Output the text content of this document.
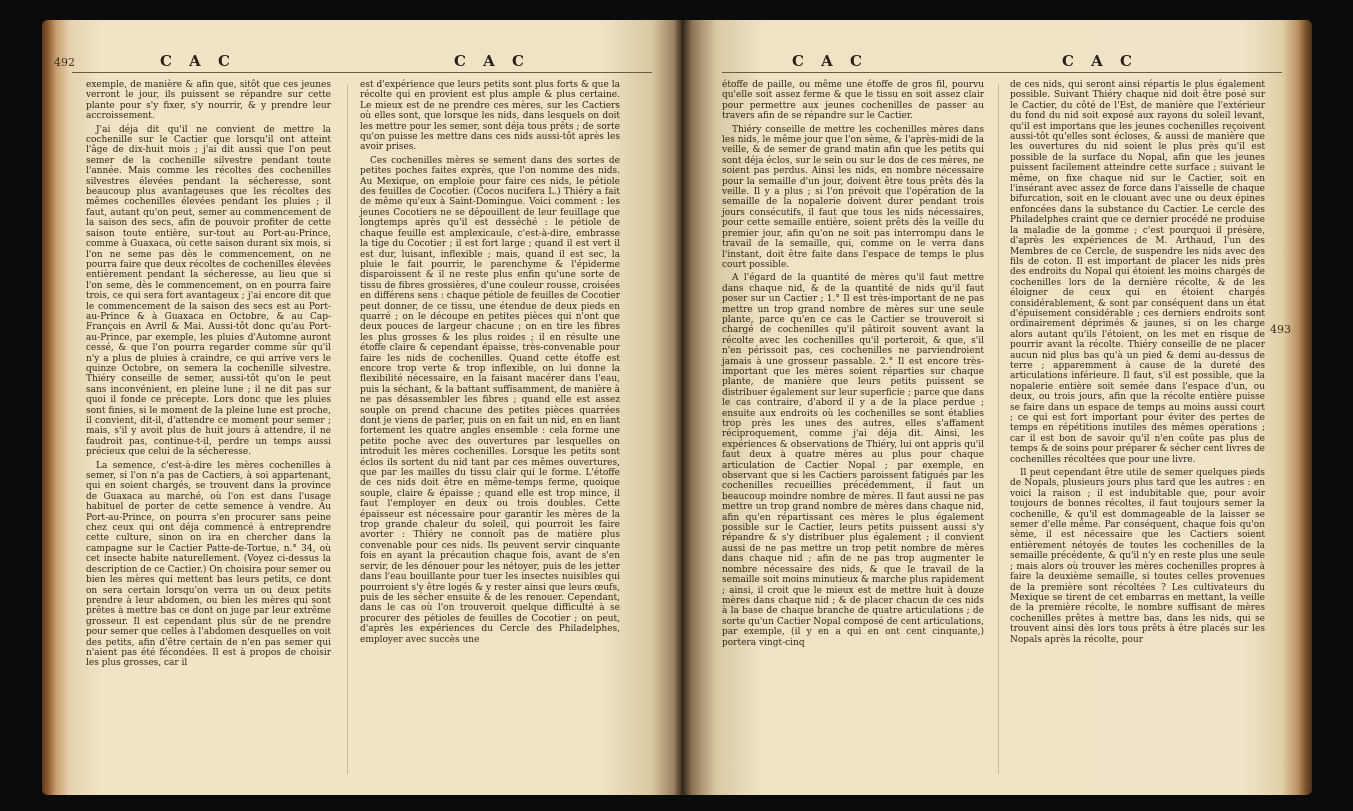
492	C A C	C A C

exemple, de manière & afin que, sitôt que ces jeunes verront le jour, ils puissent se répandre sur cette plante pour s'y fixer, s'y nourrir, & y prendre leur accroissement.

J'ai déja dit qu'il ne convient de mettre la cochenille sur le Cactier que lorsqu'il ont atteint l'âge de dix-huit mois ; j'ai dit aussi que l'on peut semer de la cochenille silvestre pendant toute l'année. Mais comme les récoltes des cochenilles silvestres élevées pendant la sécheresse, sont beaucoup plus avantageuses que les récoltes des mêmes cochenilles élevées pendant les pluies ; il faut, autant qu'on peut, semer au commencement de la saison des secs, afin de pouvoir profiter de cette saison toute entière, sur-tout au Port-au-Prince, comme à Guaxaca, où cette saison durant six mois, si l'on ne seme pas dès le commencement, on ne pourra faire que deux récoltes de cochenilles élevées entièrement pendant la sécheresse, au lieu que si l'on seme, dès le commencement, on en pourra faire trois, ce qui sera fort avantageux ; j'ai encore dit que le commencement de la saison des secs est au Port-au-Prince & à Guaxaca en Octobre, & au Cap-François en Avril & Mai. Aussi-tôt donc qu'au Port-au-Prince, par exemple, les pluies d'Automne auront cessé, & que l'on pourra regarder comme sûr qu'il n'y a plus de pluies à craindre, ce qui arrive vers le quinze Octobre, on semera la cochenille silvestre. Thiéry conseille de semer, aussi-tôt qu'on le peut sans inconvénient, en pleine lune ; il ne dit pas sur quoi il fonde ce précepte. Lors donc que les pluies sont finies, si le moment de la pleine lune est proche, il convient, dit-il, d'attendre ce moment pour semer ; mais, s'il y avoit plus de huit jours à attendre, il ne faudroit pas, continue-t-il, perdre un temps aussi précieux que celui de la sécheresse.

La semence, c'est-à-dire les mères cochenilles à semer, si l'on n'a pas de Cactiers, à soi appartenant, qui en soient chargés, se trouvent dans la province de Guaxaca au marché, où l'on est dans l'usage habituel de porter de cette semence à vendre. Au Port-au-Prince, on pourra s'en procurer sans peine chez ceux qui ont déja commencé à entreprendre cette culture, sinon on ira en chercher dans la campagne sur le Cactier Patte-de-Tortue, n.° 34, où cet insecte habite naturellement. (Voyez ci-dessus la description de ce Cactier.) On choisira pour semer ou bien les mères qui mettent bas leurs petits, ce dont on sera certain lorsqu'on verra un ou deux petits prendre à leur abdomen, ou bien les mères qui sont prêtes à mettre bas ce dont on juge par leur extrême grosseur. Il est cependant plus sûr de ne prendre pour semer que celles à l'abdomen desquelles on voit des petits, afin d'être certain de n'en pas semer qui n'aient pas été fécondées. Il est à propos de choisir les plus grosses, car il

est d'expérience que leurs petits sont plus forts & que la récolte qui en provient est plus ample & plus certaine. Le mieux est de ne prendre ces mères, sur les Cactiers où elles sont, que lorsque les nids, dans lesquels on doit les mettre pour les semer, sont déja tous prêts ; de sorte qu'on puisse les mettre dans ces nids aussi-tôt après les avoir prises.

Ces cochenilles mères se sement dans des sortes de petites poches faites exprès, que l'on nomme des nids. Au Mexique, on emploie pour faire ces nids, le pétiole des feuilles de Cocotier. (Cocos nucifera L.) Thiéry a fait de même qu'eux à Saint-Domingue. Voici comment : les jeunes Cocotiers ne se dépouillent de leur feuillage que longtemps après qu'il est desséché : le pétiole de chaque feuille est amplexicaule, c'est-à-dire, embrasse la tige du Cocotier ; il est fort large ; quand il est vert il est dur, luisant, inflexible ; mais, quand il est sec, la pluie le fait pourrir, le parenchyme & l'épiderme disparoissent & il ne reste plus enfin qu'une sorte de tissu de fibres grossières, d'une couleur rousse, croisées en différens sens : chaque pétiole de feuilles de Cocotier peut donner, de ce tissu, une étendue de deux pieds en quarré ; on le découpe en petites pièces qui n'ont que deux pouces de largeur chacune ; on en tire les fibres les plus grosses & les plus roides ; il en résulte une étoffe claire & cependant épaisse, très-convenable pour faire les nids de cochenilles. Quand cette étoffe est encore trop verte & trop inflexible, on lui donne la flexibilité nécessaire, en la faisant macérer dans l'eau, puis la séchant, & la battant suffisamment, de manière à ne pas désassembler les fibres ; quand elle est assez souple on prend chacune des petites pièces quarrées dont je viens de parler, puis on en fait un nid, en en liant fortement les quatre angles ensemble : cela forme une petite poche avec des ouvertures par lesquelles on introduit les mères cochenilles. Lorsque les petits sont éclos ils sortent du nid tant par ces mêmes ouvertures, que par les mailles du tissu clair qui le forme. L'étoffe de ces nids doit être en même-temps ferme, quoique souple, claire & épaisse ; quand elle est trop mince, il faut l'employer en deux ou trois doubles. Cette épaisseur est nécessaire pour garantir les mères de la trop grande chaleur du soleil, qui pourroit les faire avorter : Thiéry ne connoît pas de matière plus convenable pour ces nids. Ils peuvent servir cinquante fois en ayant la précaution chaque fois, avant de s'en servir, de les dénouer pour les nétoyer, puis de les jetter dans l'eau bouillante pour tuer les insectes nuisibles qui pourroient s'y être logés & y rester ainsi que leurs œufs, puis de les sécher ensuite & de les renouer. Cependant, dans le cas où l'on trouveroit quelque difficulté à se procurer des pétioles de feuilles de Cocotier ; on peut, d'après les expériences du Cercle des Philadelphes, employer avec succès une

C A C	C A C

étoffe de paille, ou même une étoffe de gros fil, pourvu qu'elle soit assez ferme & que le tissu en soit assez clair pour permettre aux jeunes cochenilles de passer au travers afin de se répandre sur le Cactier.

Thiéry conseille de mettre les cochenilles mères dans les nids, le même jour que l'on sème, & l'après-midi de la veille, & de semer de grand matin afin que les petits qui sont déja éclos, sur le sein ou sur le dos de ces mères, ne soient pas perdus. Ainsi les nids, en nombre nécessaire pour la semaille d'un jour, doivent être tous prêts dès la veille. Il y a plus ; si l'on prévoit que l'opération de la semaille de la nopalerie doivent durer pendant trois jours consécutifs, il faut que tous les nids nécessaires, pour cette semaille entière, soient prêts dès la veille du premier jour, afin qu'on ne soit pas interrompu dans le travail de la semaille, qui, comme on le verra dans l'instant, doit être faite dans l'espace de temps le plus court possible.

A l'égard de la quantité de mères qu'il faut mettre dans chaque nid, & de la quantité de nids qu'il faut poser sur un Cactier ; 1.° Il est très-important de ne pas mettre un trop grand nombre de mères sur une seule plante, parce qu'en ce cas le Cactier se trouveroit si chargé de cochenilles qu'il pâtiroit souvent avant la récolte avec les cochenilles qu'il porteroit, & que, s'il n'en périssoit pas, ces cochenilles ne parviendroient jamais à une grosseur passable. 2.° Il est encore très-important que les mères soient réparties sur chaque plante, de manière que leurs petits puissent se distribuer également sur leur superficie ; parce que dans le cas contraire, d'abord il y a de la place perdue ; ensuite aux endroits où les cochenilles se sont établies trop près les unes des autres, elles s'affament réciproquement, comme j'ai déja dit. Ainsi, les expériences & observations de Thiéry, lui ont appris qu'il faut deux à quatre mères au plus pour chaque articulation de Cactier Nopal ; par exemple, en observant que si les Cactiers paroissent fatigués par les cochenilles recueillies précédemment, il faut un beaucoup moindre nombre de mères. Il faut aussi ne pas mettre un trop grand nombre de mères dans chaque nid, afin qu'en répartissant ces mères le plus également possible sur le Cactier, leurs petits puissent aussi s'y répandre & s'y distribuer plus également ; il convient aussi de ne pas mettre un trop petit nombre de mères dans chaque nid ; afin de ne pas trop augmenter le nombre nécessaire des nids, & que le travail de la semaille soit moins minutieux & marche plus rapidement ; ainsi, il croit que le mieux est de mettre huit à douze mères dans chaque nid ; & de placer chacun de ces nids à la base de chaque branche de quatre articulations ; de sorte qu'un Cactier Nopal composé de cent articulations, par exemple, (il y en a qui en ont cent cinquante,) portera vingt-cinq

de ces nids, qui seront ainsi répartis le plus également possible. Suivant Thiéry chaque nid doit être posé sur le Cactier, du côté de l'Est, de manière que l'extérieur du fond du nid soit exposé aux rayons du soleil levant, qu'il est importans que les jeunes cochenilles reçoivent aussi-tôt qu'elles sont écloses, & aussi de manière que les ouvertures du nid soient le plus près qu'il est possible de la surface du Nopal, afin que les jeunes puissent facilement atteindre cette surface ; suivant le même, on fixe chaque nid sur le Cactier, soit en l'insérant avec assez de force dans l'aisselle de chaque bifurcation, soit en le clouant avec une ou deux épines enfoncées dans la substance du Cactier. Le cercle des Philadelphes craint que ce dernier procédé ne produise la maladie de la gomme ; c'est pourquoi il présère, d'après les expériences de M. Arthaud, l'un des Membres de ce Cercle, de suspendre les nids avec des fils de coton. Il est important de placer les nids près des endroits du Nopal qui étoient les moins chargés de cochenilles lors de la dernière récolte, & de les éloigner de ceux qui en étoient chargés considérablement, & sont par conséquent dans un état d'épuisement considérable ; ces derniers endroits sont ordinairement déprimés & jaunes, si on les charge alors autant qu'ils l'étoient, on les met en risque de pourrir avant la récolte. Thiéry conseille de ne placer aucun nid plus bas qu'à un pied & demi au-dessus de terre ; apparemment à cause de la dureté des articulations inférieure. Il faut, s'il est possible, que la nopalerie entière soit semée dans l'espace d'un, ou deux, ou trois jours, afin que la récolte entière puisse se faire dans un espace de temps au moins aussi court ; ce qui est fort important pour éviter des pertes de temps en répétitions inutiles des mêmes opérations ; car il est bon de savoir qu'il n'en coûte pas plus de temps & de soins pour préparer & sécher cent livres de cochenilles récoltées que pour une livre.

Il peut cependant être utile de semer quelques pieds de Nopals, plusieurs jours plus tard que les autres : en voici la raison ; il est indubitable que, pour avoir toujours de bonnes récoltes, il faut toujours semer la cochenille, & qu'il est dommageable de la laisser se semer d'elle même. Par conséquent, chaque fois qu'on sème, il est nécessaire que les Cactiers soient entièrement nétoyés de toutes les cochenilles de la semaille précédente, & qu'il n'y en reste plus une seule ; mais alors où trouver les mères cochenilles propres à faire la deuxième semaille, si toutes celles provenues de la première sont récoltées ? Les cultivateurs du Mexique se tirent de cet embarras en mettant, la veille de la première récolte, le nombre suffisant de mères cochenilles prêtes à mettre bas, dans les nids, qui se trouvent ainsi dès lors tous prêts à être placés sur les Nopals après la récolte, pour

493
